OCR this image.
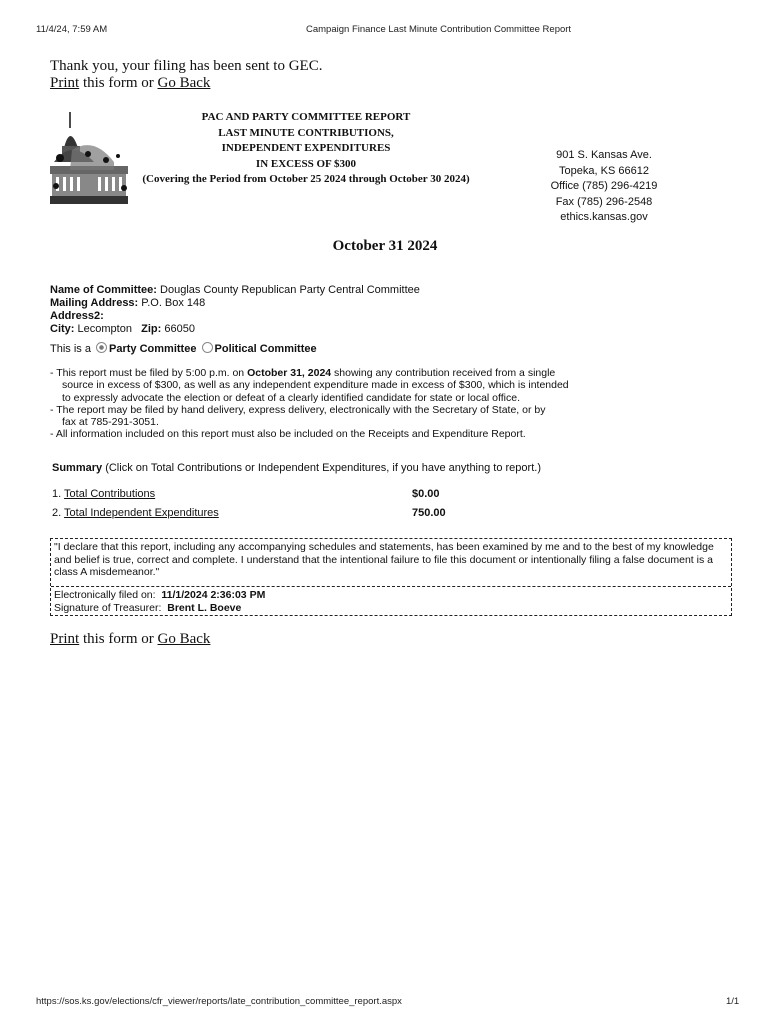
11/4/24, 7:59 AM	Campaign Finance Last Minute Contribution Committee Report
Thank you, your filing has been sent to GEC.
Print this form or Go Back
PAC AND PARTY COMMITTEE REPORT
LAST MINUTE CONTRIBUTIONS,
INDEPENDENT EXPENDITURES
IN EXCESS OF $300
(Covering the Period from October 25 2024 through October 30 2024)
901 S. Kansas Ave.
Topeka, KS 66612
Office (785) 296-4219
Fax (785) 296-2548
ethics.kansas.gov
October 31 2024
Name of Committee: Douglas County Republican Party Central Committee
Mailing Address: P.O. Box 148
Address2:
City: Lecompton Zip: 66050
This is a Party Committee Political Committee

- This report must be filed by 5:00 p.m. on October 31, 2024 showing any contribution received from a single

source in excess of $300, as well as any independent expenditure made in excess of $300, which is intended

to expressly advocate the election or defeat of a clearly identified candidate for state or local office.

- The report may be filed by hand delivery, express delivery, electronically with the Secretary of State, or by

fax at 785-291-3051.

- All information included on this report must also be included on the Receipts and Expenditure Report.

Summary (Click on Total Contributions or Independent Expenditures, if you have anything to report.)
1. Total Contributions	$0.00
2. Total Independent Expenditures	750.00
"I declare that this report, including any accompanying schedules and statements, has been examined by me and to the best of my knowledge and belief is true, correct and complete. I understand that the intentional failure to file this document or intentionally filing a false document is a class A misdemeanor."
Electronically filed on: 11/1/2024 2:36:03 PM
Signature of Treasurer: Brent L. Boeve
Print this form or Go Back
https://sos.ks.gov/elections/cfr_viewer/reports/late_contribution_committee_report.aspx	1/1
